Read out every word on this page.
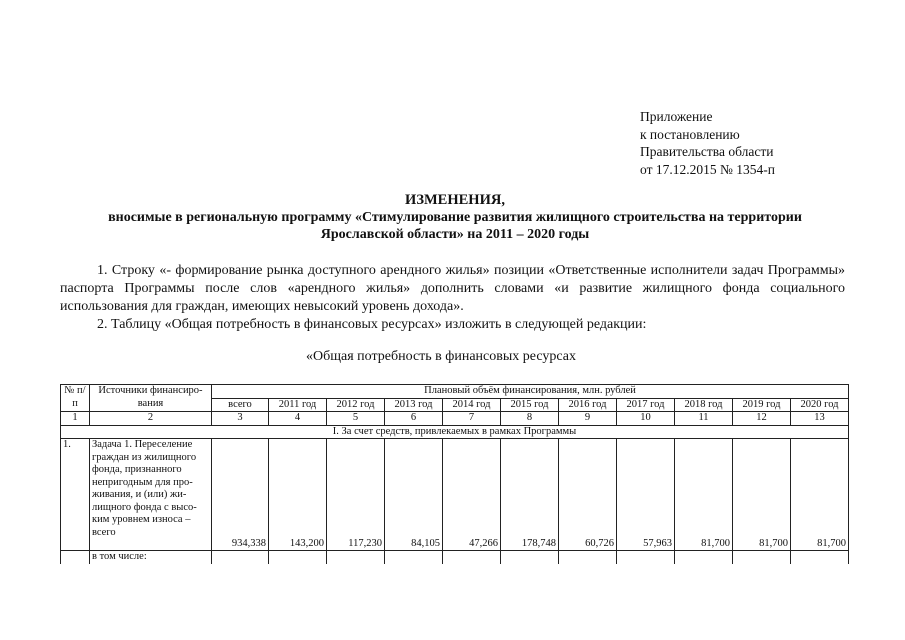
Приложение
к постановлению
Правительства области
от 17.12.2015 № 1354-п
ИЗМЕНЕНИЯ,
вносимые в региональную программу «Стимулирование развития жилищного строительства на территории
Ярославской области» на 2011 – 2020 годы

1. Строку «- формирование рынка доступного арендного жилья» позиции «Ответственные исполнители задач Программы» паспорта Программы после слов «арендного жилья» дополнить словами «и развитие жилищного фонда социального использования для граждан, имеющих невысокий уровень дохода».

2. Таблицу «Общая потребность в финансовых ресурсах» изложить в следующей редакции:

«Общая потребность в финансовых ресурсах
№ п/п	Источники финансиро-вания	Плановый объём финансирования, млн. рублей										
		всего	2011 год	2012 год	2013 год	2014 год	2015 год	2016 год	2017 год	2018 год	2019 год	2020 год
1	2	3	4	5	6	7	8	9	10	11	12	13
I. За счет средств, привлекаемых в рамках Программы												
1.	Задача 1. Переселение граждан из жилищного фонда, признанного непригодным для про-живания, и (или) жи-лищного фонда с высо-ким уровнем износа – всего	934,338	143,200	117,230	84,105	47,266	178,748	60,726	57,963	81,700	81,700	81,700
	в том числе:											
